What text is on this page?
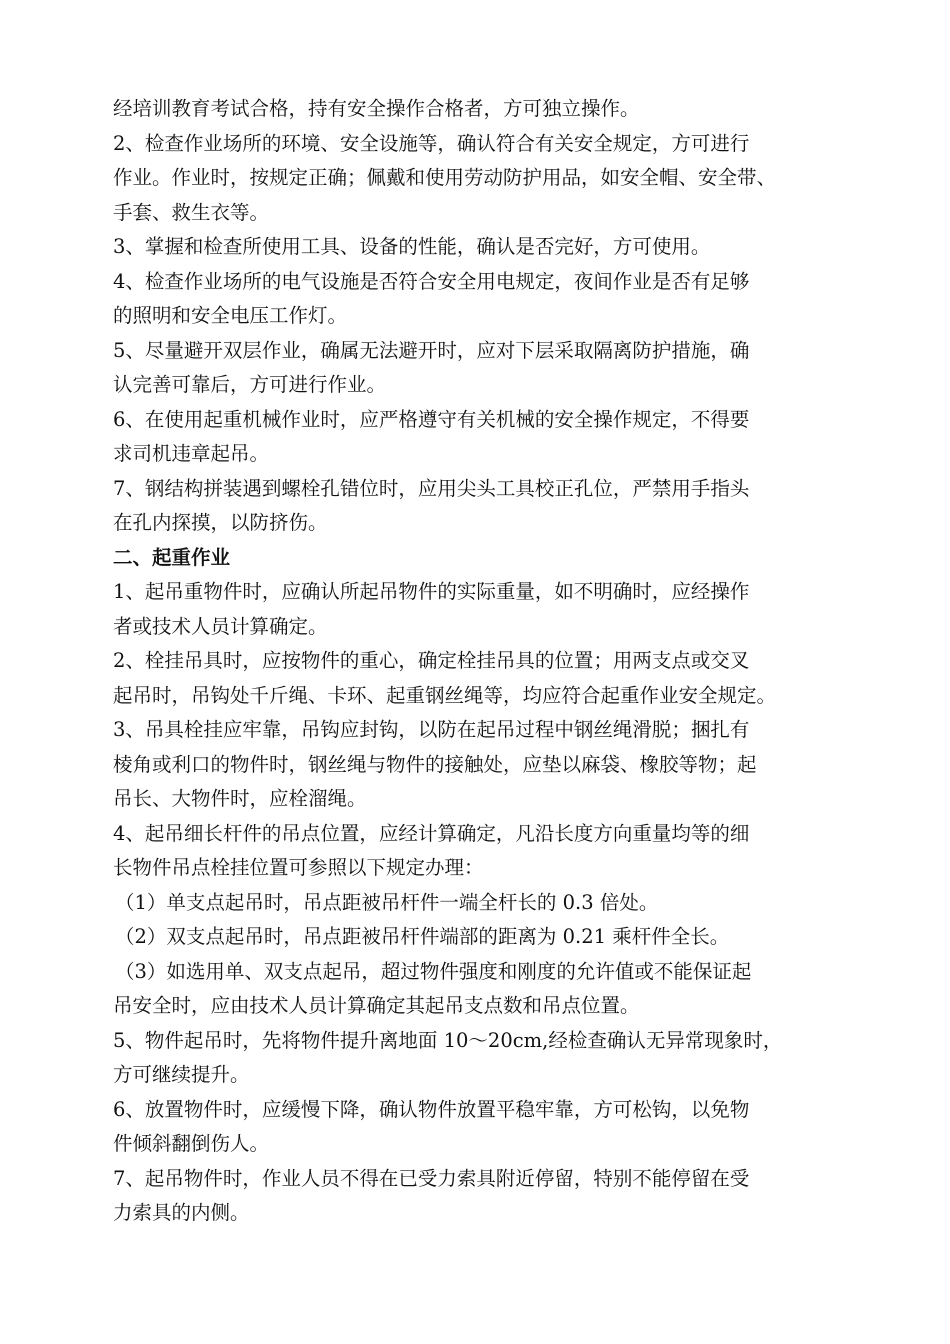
经培训教育考试合格，持有安全操作合格者，方可独立操作。
2、检查作业场所的环境、安全设施等，确认符合有关安全规定，方可进行
作业。作业时，按规定正确；佩戴和使用劳动防护用品，如安全帽、安全带、
手套、救生衣等。
3、掌握和检查所使用工具、设备的性能，确认是否完好，方可使用。
4、检查作业场所的电气设施是否符合安全用电规定，夜间作业是否有足够
的照明和安全电压工作灯。
5、尽量避开双层作业，确属无法避开时，应对下层采取隔离防护措施，确
认完善可靠后，方可进行作业。
6、在使用起重机械作业时，应严格遵守有关机械的安全操作规定，不得要
求司机违章起吊。
7、钢结构拼装遇到螺栓孔错位时，应用尖头工具校正孔位，严禁用手指头
在孔内探摸，以防挤伤。
二、起重作业
1、起吊重物件时，应确认所起吊物件的实际重量，如不明确时，应经操作
者或技术人员计算确定。
2、栓挂吊具时，应按物件的重心，确定栓挂吊具的位置；用两支点或交叉
起吊时，吊钩处千斤绳、卡环、起重钢丝绳等，均应符合起重作业安全规定。
3、吊具栓挂应牢靠，吊钩应封钩，以防在起吊过程中钢丝绳滑脱；捆扎有
棱角或利口的物件时，钢丝绳与物件的接触处，应垫以麻袋、橡胶等物；起
吊长、大物件时，应栓溜绳。
4、起吊细长杆件的吊点位置，应经计算确定，凡沿长度方向重量均等的细
长物件吊点栓挂位置可参照以下规定办理：
（1）单支点起吊时，吊点距被吊杆件一端全杆长的 0.3 倍处。
（2）双支点起吊时，吊点距被吊杆件端部的距离为 0.21 乘杆件全长。
（3）如选用单、双支点起吊，超过物件强度和刚度的允许值或不能保证起
吊安全时，应由技术人员计算确定其起吊支点数和吊点位置。
5、物件起吊时，先将物件提升离地面 10～20cm,经检查确认无异常现象时，
方可继续提升。
6、放置物件时，应缓慢下降，确认物件放置平稳牢靠，方可松钩，以免物
件倾斜翻倒伤人。
7、起吊物件时，作业人员不得在已受力索具附近停留，特别不能停留在受
力索具的内侧。
